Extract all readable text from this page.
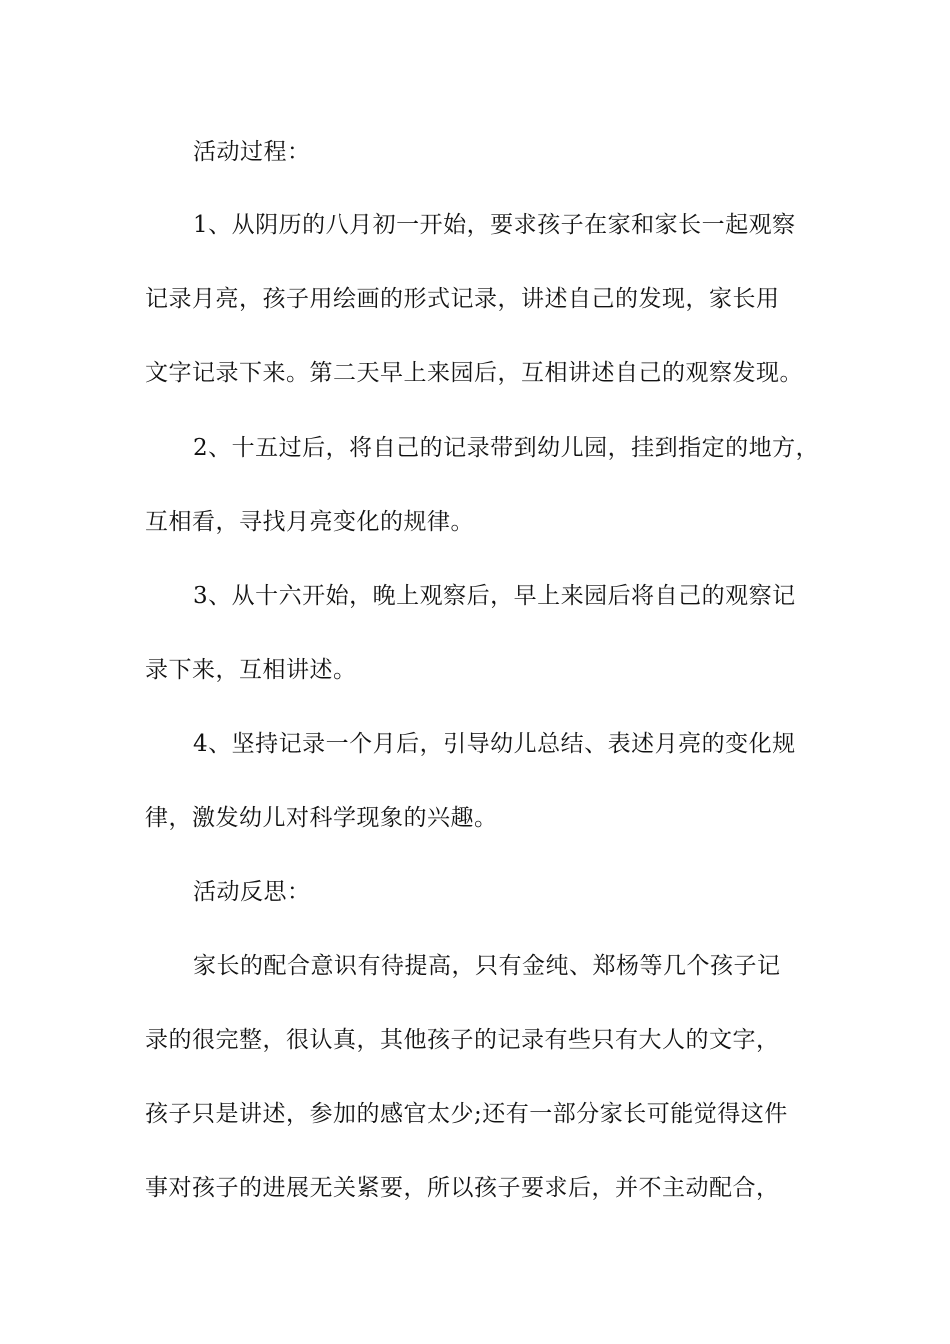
活动过程：
1、从阴历的八月初一开始，要求孩子在家和家长一起观察
记录月亮，孩子用绘画的形式记录，讲述自己的发现，家长用
文字记录下来。第二天早上来园后，互相讲述自己的观察发现。
2、十五过后，将自己的记录带到幼儿园，挂到指定的地方，
互相看，寻找月亮变化的规律。
3、从十六开始，晚上观察后，早上来园后将自己的观察记
录下来，互相讲述。
4、坚持记录一个月后，引导幼儿总结、表述月亮的变化规
律，激发幼儿对科学现象的兴趣。
活动反思：
家长的配合意识有待提高，只有金纯、郑杨等几个孩子记
录的很完整，很认真，其他孩子的记录有些只有大人的文字，
孩子只是讲述，参加的感官太少;还有一部分家长可能觉得这件
事对孩子的进展无关紧要，所以孩子要求后，并不主动配合，
